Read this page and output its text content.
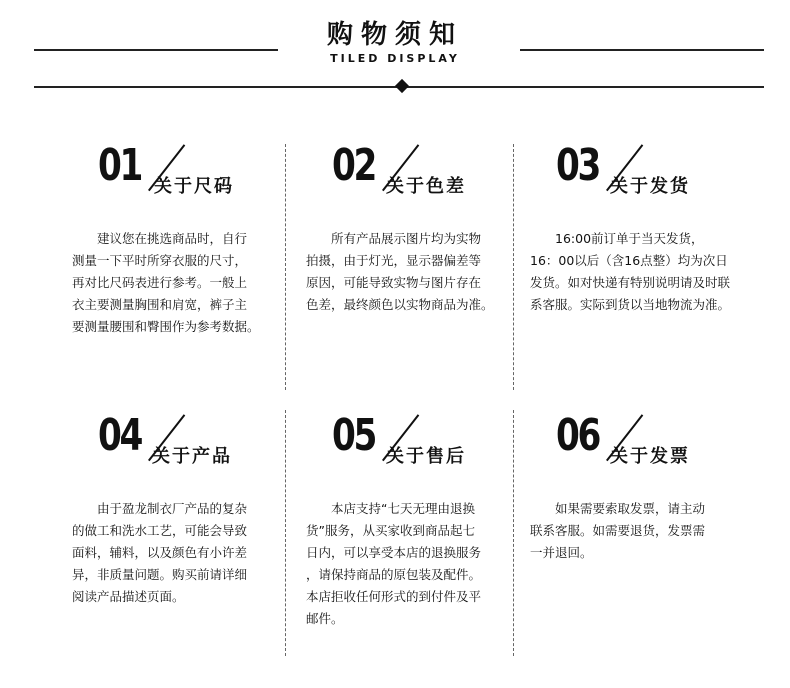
购物须知
TILED DISPLAY
01 关于尺码

建议您在挑选商品时，自行

测量一下平时所穿衣服的尺寸，

再对比尺码表进行参考。一般上

衣主要测量胸围和肩宽，裤子主

要测量腰围和臀围作为参考数据。

02 关于色差

所有产品展示图片均为实物

拍摄，由于灯光，显示器偏差等

原因，可能导致实物与图片存在

色差，最终颜色以实物商品为准。

03 关于发货

16:00前订单于当天发货，

16：00以后（含16点整）均为次日

发货。如对快递有特别说明请及时联

系客服。实际到货以当地物流为准。

04 关于产品

由于盈龙制衣厂产品的复杂

的做工和洗水工艺，可能会导致

面料，辅料，以及颜色有小许差

异，非质量问题。购买前请详细

阅读产品描述页面。

05 关于售后

本店支持“七天无理由退换

货”服务，从买家收到商品起七

日内，可以享受本店的退换服务

，请保持商品的原包装及配件。

本店拒收任何形式的到付件及平

邮件。

06 关于发票

如果需要索取发票，请主动

联系客服。如需要退货，发票需

一并退回。
